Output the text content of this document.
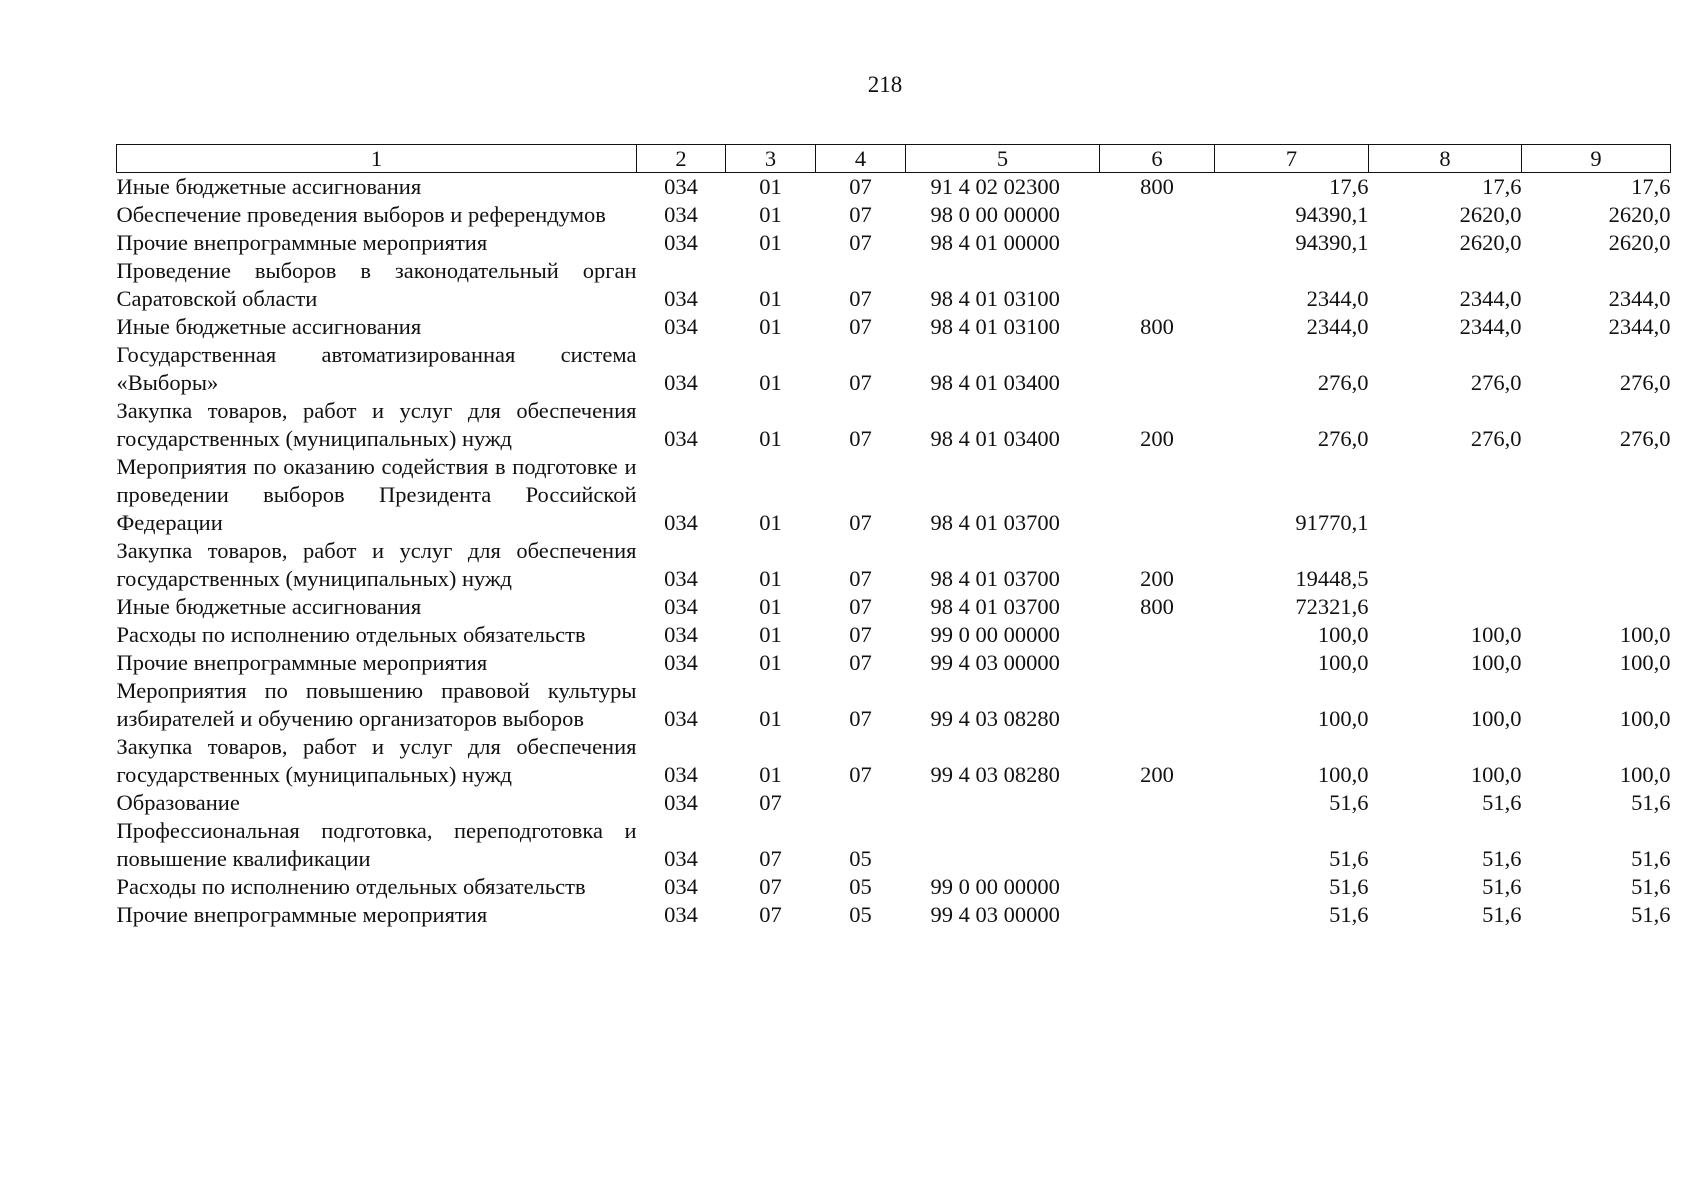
218
1	2	3	4	5	6	7	8	9
Иные бюджетные ассигнования	034	01	07	91 4 02 02300	800	17,6	17,6	17,6
Обеспечение проведения выборов и референдумов	034	01	07	98 0 00 00000		94390,1	2620,0	2620,0
Прочие внепрограммные мероприятия	034	01	07	98 4 01 00000		94390,1	2620,0	2620,0
Проведение выборов в законодательный орган Саратовской области	034	01	07	98 4 01 03100		2344,0	2344,0	2344,0
Иные бюджетные ассигнования	034	01	07	98 4 01 03100	800	2344,0	2344,0	2344,0
Государственная автоматизированная система «Выборы»	034	01	07	98 4 01 03400		276,0	276,0	276,0
Закупка товаров, работ и услуг для обеспечения государственных (муниципальных) нужд	034	01	07	98 4 01 03400	200	276,0	276,0	276,0
Мероприятия по оказанию содействия в подготовке и проведении выборов Президента Российской Федерации	034	01	07	98 4 01 03700		91770,1		
Закупка товаров, работ и услуг для обеспечения государственных (муниципальных) нужд	034	01	07	98 4 01 03700	200	19448,5		
Иные бюджетные ассигнования	034	01	07	98 4 01 03700	800	72321,6		
Расходы по исполнению отдельных обязательств	034	01	07	99 0 00 00000		100,0	100,0	100,0
Прочие внепрограммные мероприятия	034	01	07	99 4 03 00000		100,0	100,0	100,0
Мероприятия по повышению правовой культуры избирателей и обучению организаторов выборов	034	01	07	99 4 03 08280		100,0	100,0	100,0
Закупка товаров, работ и услуг для обеспечения государственных (муниципальных) нужд	034	01	07	99 4 03 08280	200	100,0	100,0	100,0
Образование	034	07				51,6	51,6	51,6
Профессиональная подготовка, переподготовка и повышение квалификации	034	07	05			51,6	51,6	51,6
Расходы по исполнению отдельных обязательств	034	07	05	99 0 00 00000		51,6	51,6	51,6
Прочие внепрограммные мероприятия	034	07	05	99 4 03 00000		51,6	51,6	51,6
